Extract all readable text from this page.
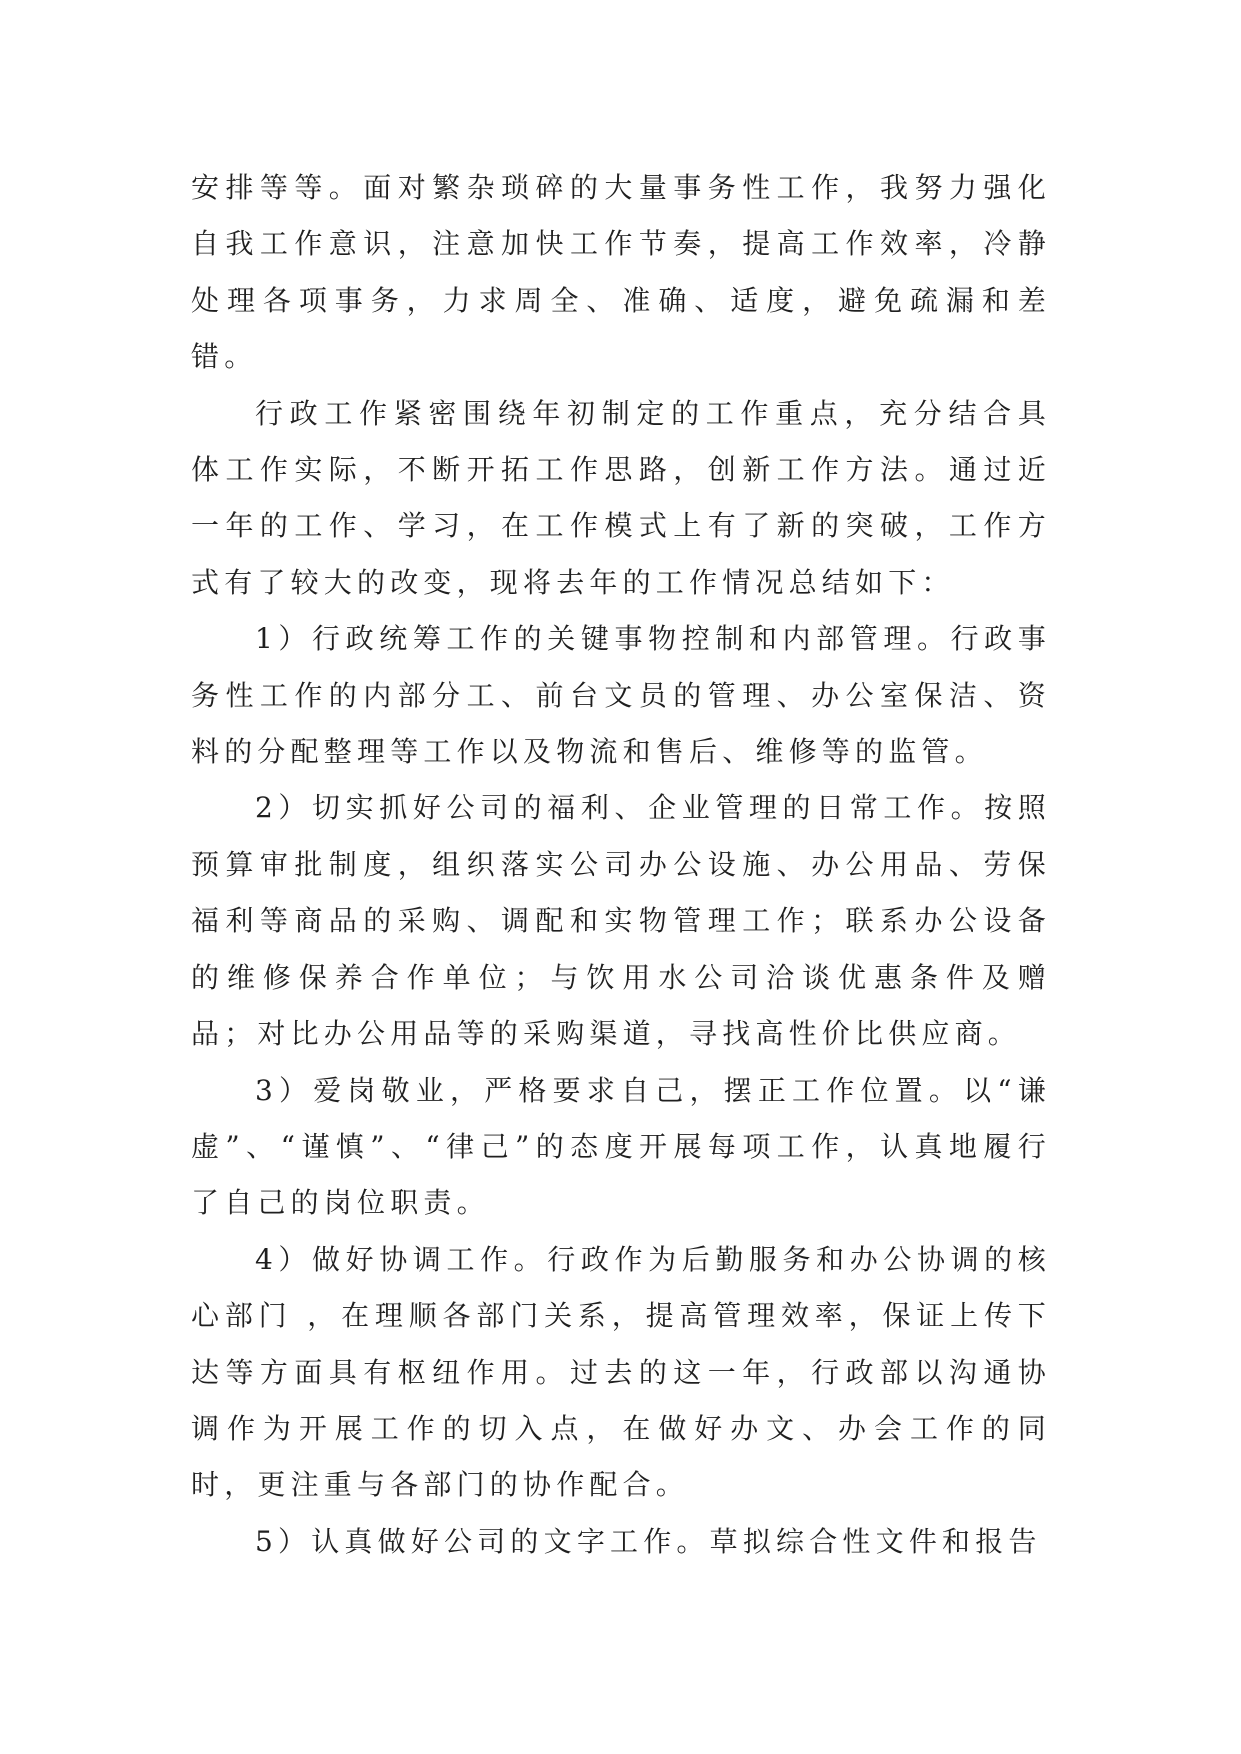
安排等等。面对繁杂琐碎的大量事务性工作，我努力强化自我工作意识，注意加快工作节奏，提高工作效率，冷静处理各项事务，力求周全、准确、适度，避免疏漏和差错。

行政工作紧密围绕年初制定的工作重点，充分结合具体工作实际，不断开拓工作思路，创新工作方法。通过近一年的工作、学习，在工作模式上有了新的突破，工作方式有了较大的改变，现将去年的工作情况总结如下：

1）行政统筹工作的关键事物控制和内部管理。行政事务性工作的内部分工、前台文员的管理、办公室保洁、资料的分配整理等工作以及物流和售后、维修等的监管。

2）切实抓好公司的福利、企业管理的日常工作。按照预算审批制度，组织落实公司办公设施、办公用品、劳保福利等商品的采购、调配和实物管理工作；联系办公设备的维修保养合作单位；与饮用水公司洽谈优惠条件及赠品；对比办公用品等的采购渠道，寻找高性价比供应商。

3）爱岗敬业，严格要求自己，摆正工作位置。以“谦虚”、“谨慎”、“律己”的态度开展每项工作，认真地履行了自己的岗位职责。

4）做好协调工作。行政作为后勤服务和办公协调的核心部门 ，在理顺各部门关系，提高管理效率，保证上传下达等方面具有枢纽作用。过去的这一年，行政部以沟通协调作为开展工作的切入点，在做好办文、办会工作的同时，更注重与各部门的协作配合。

5）认真做好公司的文字工作。草拟综合性文件和报告
